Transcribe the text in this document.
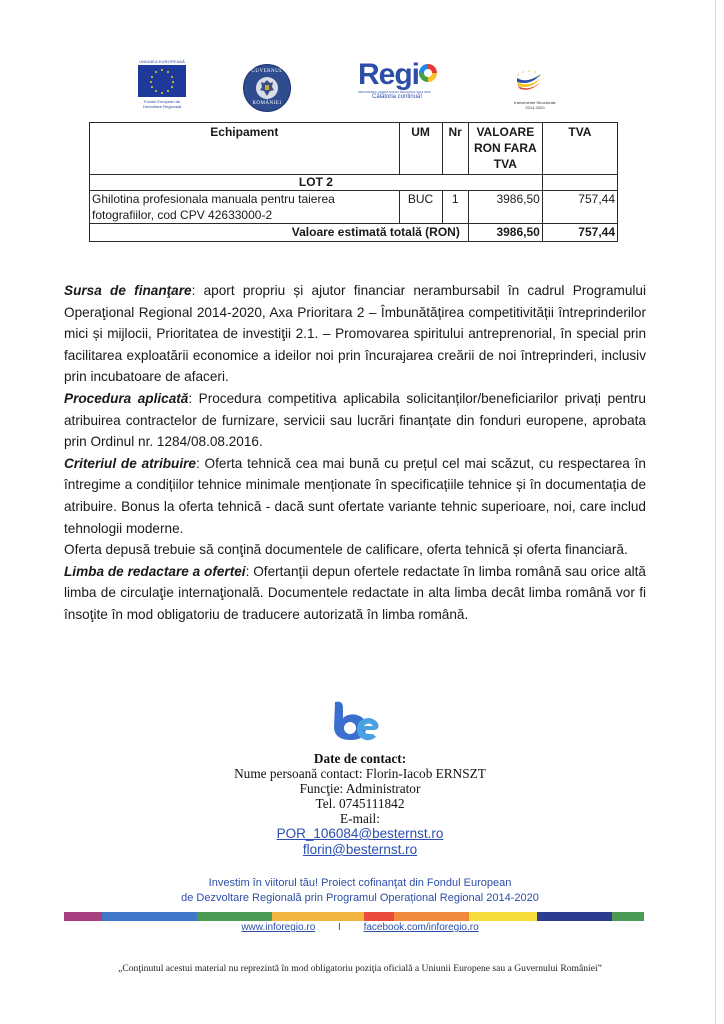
UNIUNEA EUROPEANĂ
Fondul European de
Dezvoltare Regională
GUVERNUL
ROMÂNIEI
Regi
PROGRAMUL OPERAȚIONAL REGIONAL 2014-2020
Călătoria continuă!
Instrumente Structurale
2014-2020
Echipament	UM	Nr	VALOARE RON FARA TVA	TVA
LOT 2				
Ghilotina profesionala manuala pentru taierea fotografiilor, cod CPV 42633000-2	BUC	1	3986,50	757,44
Valoare estimată totală (RON)			3986,50	757,44

Sursa de finanţare: aport propriu și ajutor financiar nerambursabil în cadrul Programului Operaţional Regional 2014-2020, Axa Prioritara 2 – Îmbunătățirea competitivității întreprinderilor mici și mijlocii, Prioritatea de investiţii 2.1. – Promovarea spiritului antreprenorial, în special prin facilitarea exploatării economice a ideilor noi prin încurajarea creării de noi întreprinderi, inclusiv prin incubatoare de afaceri.

Procedura aplicată: Procedura competitiva aplicabila solicitanților/beneficiarilor privați pentru atribuirea contractelor de furnizare, servicii sau lucrări finanțate din fonduri europene, aprobata prin Ordinul nr. 1284/08.08.2016.

Criteriul de atribuire: Oferta tehnică cea mai bună cu prețul cel mai scăzut, cu respectarea în întregime a condițiilor tehnice minimale menționate în specificațiile tehnice și în documentația de atribuire. Bonus la oferta tehnică - dacă sunt ofertate variante tehnic superioare, noi, care includ tehnologii moderne.

Oferta depusă trebuie să conţină documentele de calificare, oferta tehnică și oferta financiară.

Limba de redactare a ofertei: Ofertanții depun ofertele redactate în limba română sau orice altă limba de circulaţie internaţională. Documentele redactate in alta limba decât limba română vor fi însoţite în mod obligatoriu de traducere autorizată în limba română.

Date de contact:
Nume persoană contact: Florin-Iacob ERNSZT
Funcţie: Administrator
Tel. 0745111842
E-mail:
POR_106084@besternst.ro
florin@besternst.ro
Investim în viitorul tău! Proiect cofinanţat din Fondul European
de Dezvoltare Regională prin Programul Operațional Regional 2014-2020
www.inforegio.ro I facebook.com/inforegio.ro
„Conţinutul acestui material nu reprezintă în mod obligatoriu poziţia oficială a Uniunii Europene sau a Guvernului României”
